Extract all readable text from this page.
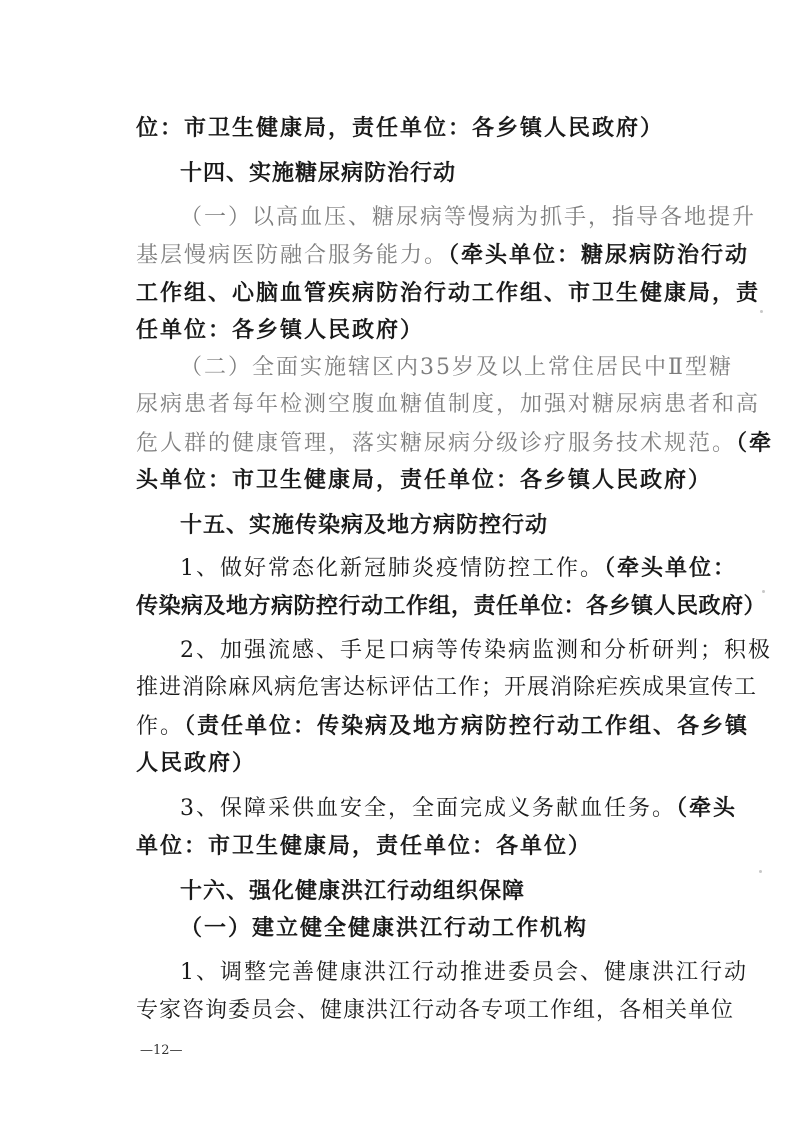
位：市卫生健康局，责任单位：各乡镇人民政府）
十四、实施糖尿病防治行动
（一）以高血压、糖尿病等慢病为抓手，指导各地提升
基层慢病医防融合服务能力。（牵头单位：糖尿病防治行动
工作组、心脑血管疾病防治行动工作组、市卫生健康局，责
任单位：各乡镇人民政府）
（二）全面实施辖区内35岁及以上常住居民中Ⅱ型糖
尿病患者每年检测空腹血糖值制度，加强对糖尿病患者和高
危人群的健康管理，落实糖尿病分级诊疗服务技术规范。（牵
头单位：市卫生健康局，责任单位：各乡镇人民政府）
十五、实施传染病及地方病防控行动
1、做好常态化新冠肺炎疫情防控工作。（牵头单位：
传染病及地方病防控行动工作组，责任单位：各乡镇人民政府）
2、加强流感、手足口病等传染病监测和分析研判；积极
推进消除麻风病危害达标评估工作；开展消除疟疾成果宣传工
作。（责任单位：传染病及地方病防控行动工作组、各乡镇
人民政府）
3、保障采供血安全，全面完成义务献血任务。（牵头
单位：市卫生健康局，责任单位：各单位）
十六、强化健康洪江行动组织保障
（一）建立健全健康洪江行动工作机构
1、调整完善健康洪江行动推进委员会、健康洪江行动
专家咨询委员会、健康洪江行动各专项工作组，各相关单位
—12—
